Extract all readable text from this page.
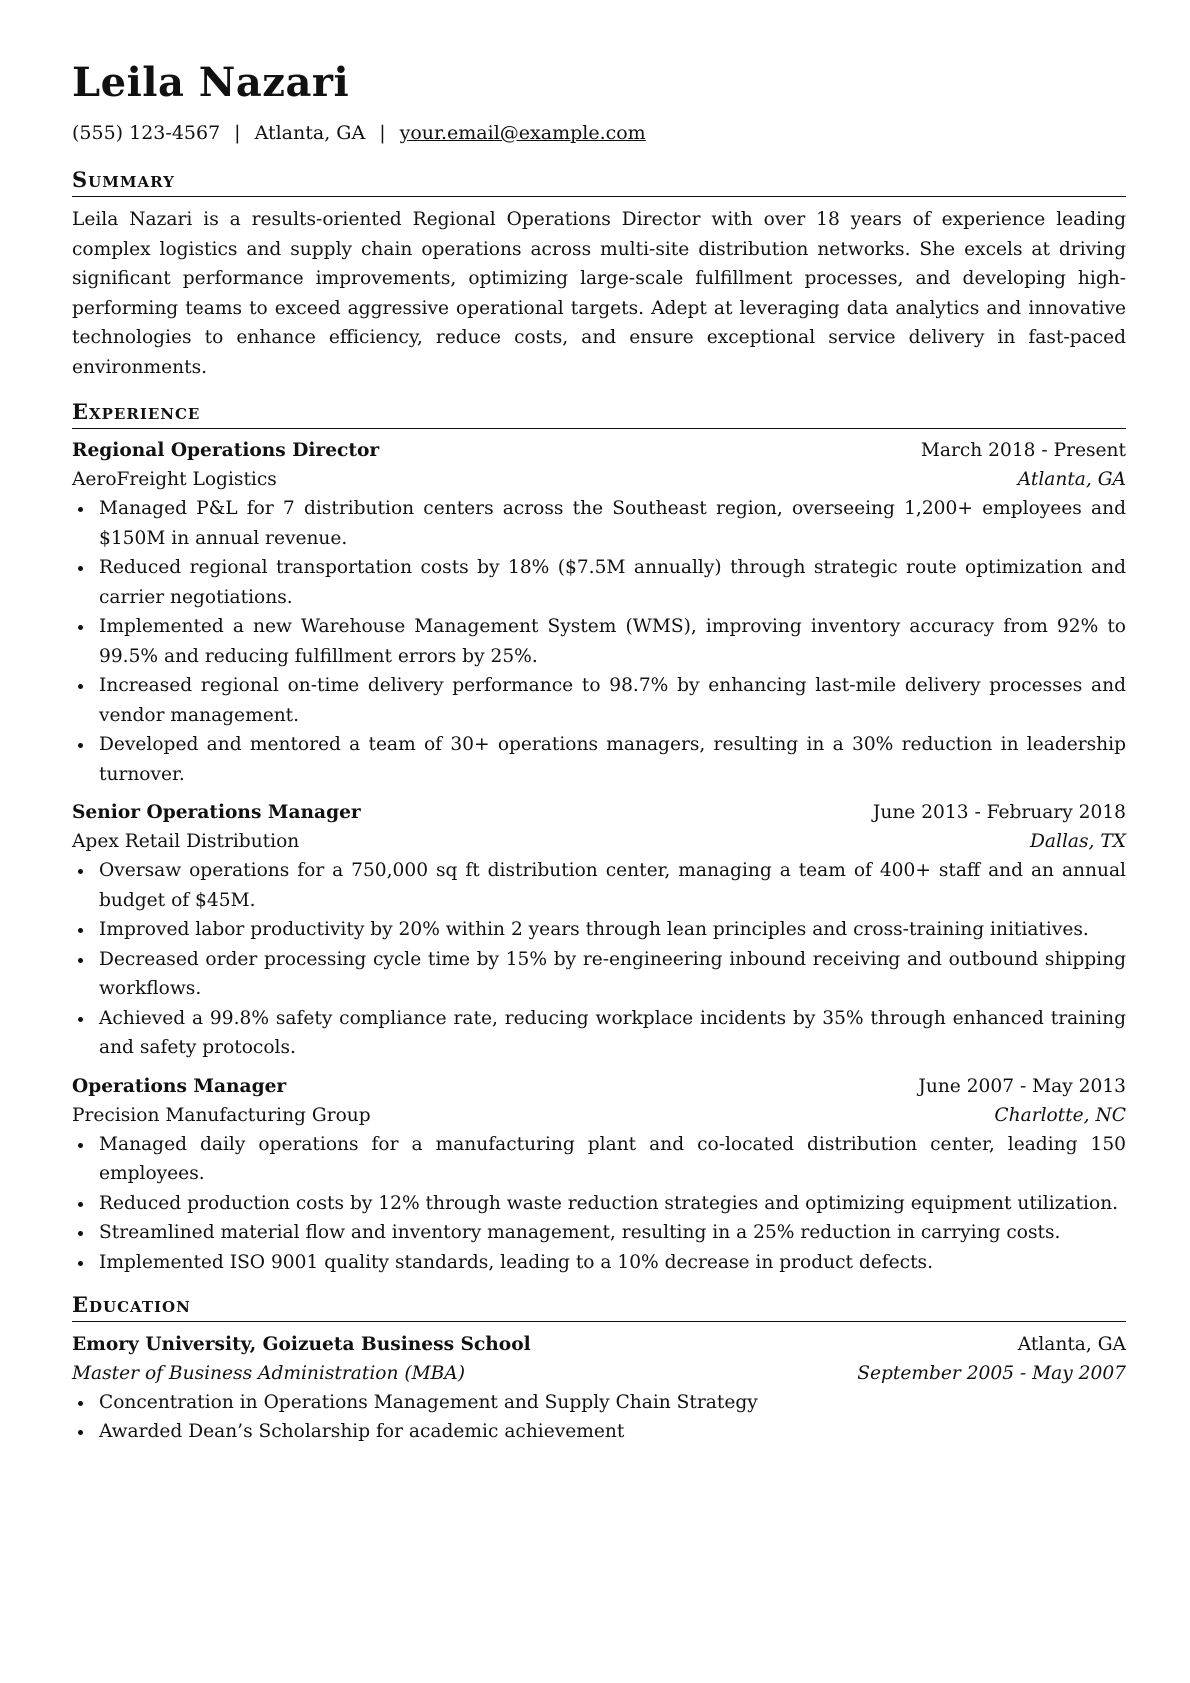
Leila Nazari
(555) 123-4567 | Atlanta, GA | your.email@example.com
Summary
Leila Nazari is a results-oriented Regional Operations Director with over 18 years of experience leading complex logistics and supply chain operations across multi-site distribution networks. She excels at driving significant performance improvements, optimizing large-scale fulfillment processes, and developing high-performing teams to exceed aggressive operational targets. Adept at leveraging data analytics and innovative technologies to enhance efficiency, reduce costs, and ensure exceptional service delivery in fast-paced environments.
Experience
Regional Operations Director	March 2018 - Present
AeroFreight Logistics	Atlanta, GA
Managed P&L for 7 distribution centers across the Southeast region, overseeing 1,200+ employees and $150M in annual revenue.
Reduced regional transportation costs by 18% ($7.5M annually) through strategic route optimization and carrier negotiations.
Implemented a new Warehouse Management System (WMS), improving inventory accuracy from 92% to 99.5% and reducing fulfillment errors by 25%.
Increased regional on-time delivery performance to 98.7% by enhancing last-mile delivery processes and vendor management.
Developed and mentored a team of 30+ operations managers, resulting in a 30% reduction in leadership turnover.
Senior Operations Manager	June 2013 - February 2018
Apex Retail Distribution	Dallas, TX
Oversaw operations for a 750,000 sq ft distribution center, managing a team of 400+ staff and an annual budget of $45M.
Improved labor productivity by 20% within 2 years through lean principles and cross-training initiatives.
Decreased order processing cycle time by 15% by re-engineering inbound receiving and outbound shipping workflows.
Achieved a 99.8% safety compliance rate, reducing workplace incidents by 35% through enhanced training and safety protocols.
Operations Manager	June 2007 - May 2013
Precision Manufacturing Group	Charlotte, NC
Managed daily operations for a manufacturing plant and co-located distribution center, leading 150 employees.
Reduced production costs by 12% through waste reduction strategies and optimizing equipment utilization.
Streamlined material flow and inventory management, resulting in a 25% reduction in carrying costs.
Implemented ISO 9001 quality standards, leading to a 10% decrease in product defects.
Education
Emory University, Goizueta Business School	Atlanta, GA
Master of Business Administration (MBA)	September 2005 - May 2007
Concentration in Operations Management and Supply Chain Strategy
Awarded Dean’s Scholarship for academic achievement
